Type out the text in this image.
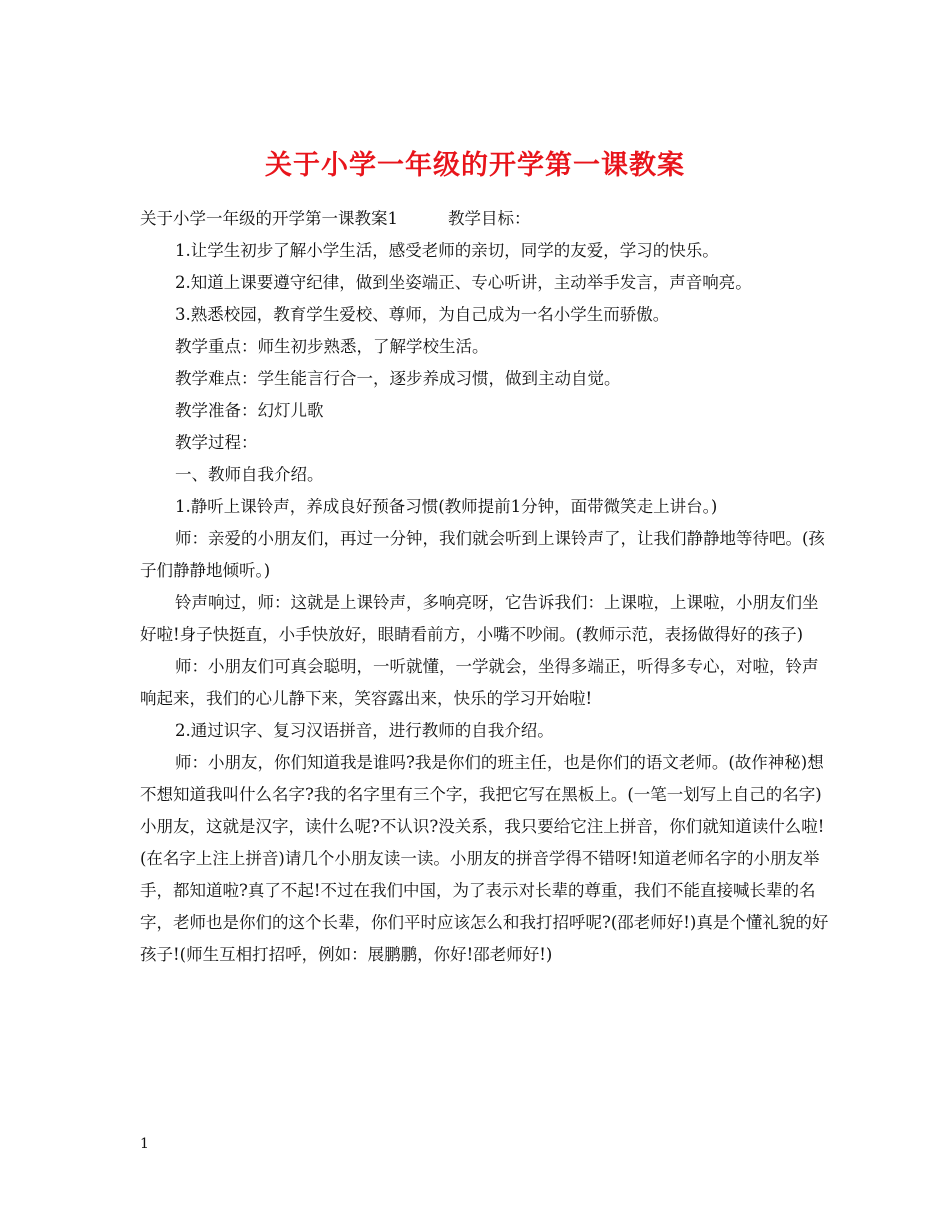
关于小学一年级的开学第一课教案

关于小学一年级的开学第一课教案1	教学目标：

1.让学生初步了解小学生活，感受老师的亲切，同学的友爱，学习的快乐。

2.知道上课要遵守纪律，做到坐姿端正、专心听讲，主动举手发言，声音响亮。

3.熟悉校园，教育学生爱校、尊师，为自己成为一名小学生而骄傲。

教学重点：师生初步熟悉，了解学校生活。

教学难点：学生能言行合一，逐步养成习惯，做到主动自觉。

教学准备：幻灯儿歌

教学过程：

一、教师自我介绍。

1.静听上课铃声，养成良好预备习惯(教师提前1分钟，面带微笑走上讲台。)

师：亲爱的小朋友们，再过一分钟，我们就会听到上课铃声了，让我们静静地等待吧。(孩子们静静地倾听。)

铃声响过，师：这就是上课铃声，多响亮呀，它告诉我们：上课啦，上课啦，小朋友们坐好啦!身子快挺直，小手快放好，眼睛看前方，小嘴不吵闹。(教师示范，表扬做得好的孩子)

师：小朋友们可真会聪明，一听就懂，一学就会，坐得多端正，听得多专心，对啦，铃声响起来，我们的心儿静下来，笑容露出来，快乐的学习开始啦!

2.通过识字、复习汉语拼音，进行教师的自我介绍。

师：小朋友，你们知道我是谁吗?我是你们的班主任，也是你们的语文老师。(故作神秘)想不想知道我叫什么名字?我的名字里有三个字，我把它写在黑板上。(一笔一划写上自己的名字)小朋友，这就是汉字，读什么呢?不认识?没关系，我只要给它注上拼音，你们就知道读什么啦!(在名字上注上拼音)请几个小朋友读一读。小朋友的拼音学得不错呀!知道老师名字的小朋友举手，都知道啦?真了不起!不过在我们中国，为了表示对长辈的尊重，我们不能直接喊长辈的名字，老师也是你们的这个长辈，你们平时应该怎么和我打招呼呢?(邵老师好!)真是个懂礼貌的好孩子!(师生互相打招呼，例如：展鹏鹏，你好!邵老师好!)

1
